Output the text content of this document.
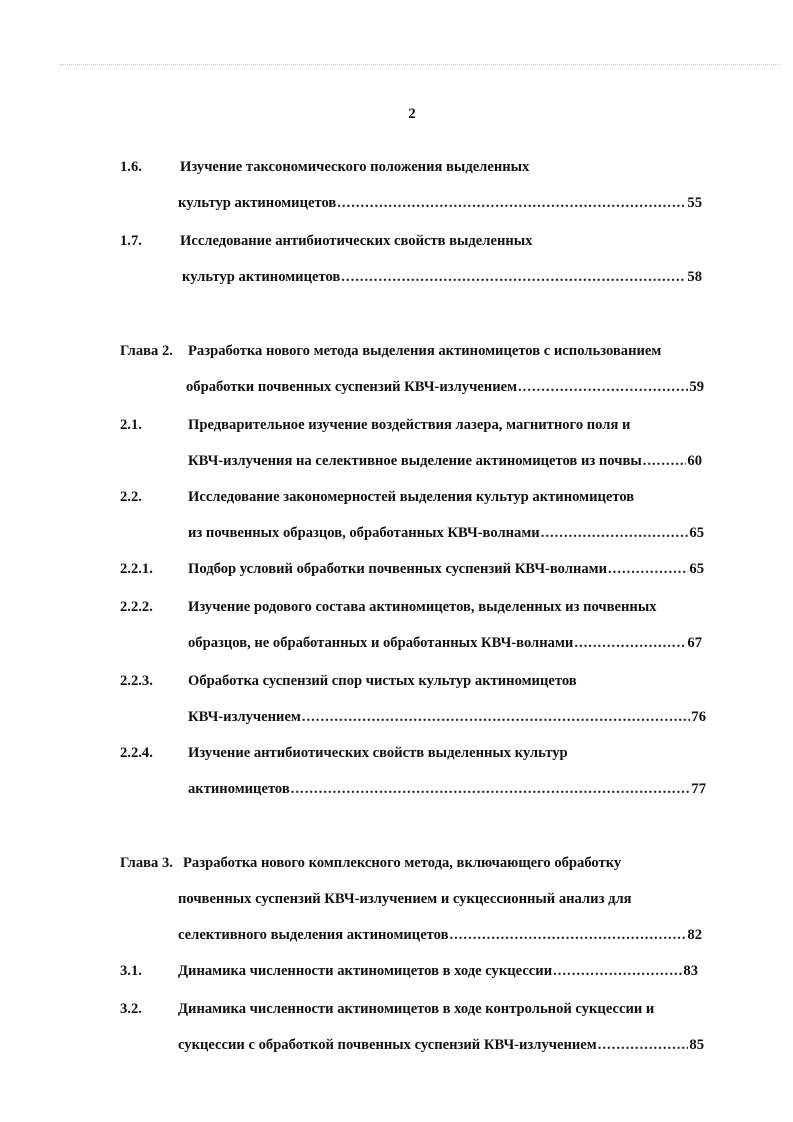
2
1.6.	Изучение таксономического положения выделенных
культур актиномицетов .....	55
1.7.	Исследование антибиотических свойств выделенных
культур актиномицетов .....	58
Глава 2. Разработка нового метода выделения актиномицетов с использованием
обработки почвенных суспензий КВЧ-излучением .....	59
2.1.	Предварительное изучение воздействия лазера, магнитного поля и
КВЧ-излучения на селективное выделение актиномицетов из почвы .....	60
2.2.	Исследование закономерностей выделения культур актиномицетов
из почвенных образцов, обработанных КВЧ-волнами .....	65
2.2.1. Подбор условий обработки почвенных суспензий КВЧ-волнами .....	65
2.2.2. Изучение родового состава актиномицетов, выделенных из почвенных
образцов, не обработанных и обработанных КВЧ-волнами .....	67
2.2.3. Обработка суспензий спор чистых культур актиномицетов
КВЧ-излучением .....	76
2.2.4. Изучение антибиотических свойств выделенных культур
актиномицетов .....	77
Глава 3. Разработка нового комплексного метода, включающего обработку
почвенных суспензий КВЧ-излучением и сукцессионный анализ для
селективного выделения актиномицетов .....	82
3.1. Динамика численности актиномицетов в ходе сукцессии .....	83
3.2. Динамика численности актиномицетов в ходе контрольной сукцессии и
сукцессии с обработкой почвенных суспензий КВЧ-излучением .....	85
